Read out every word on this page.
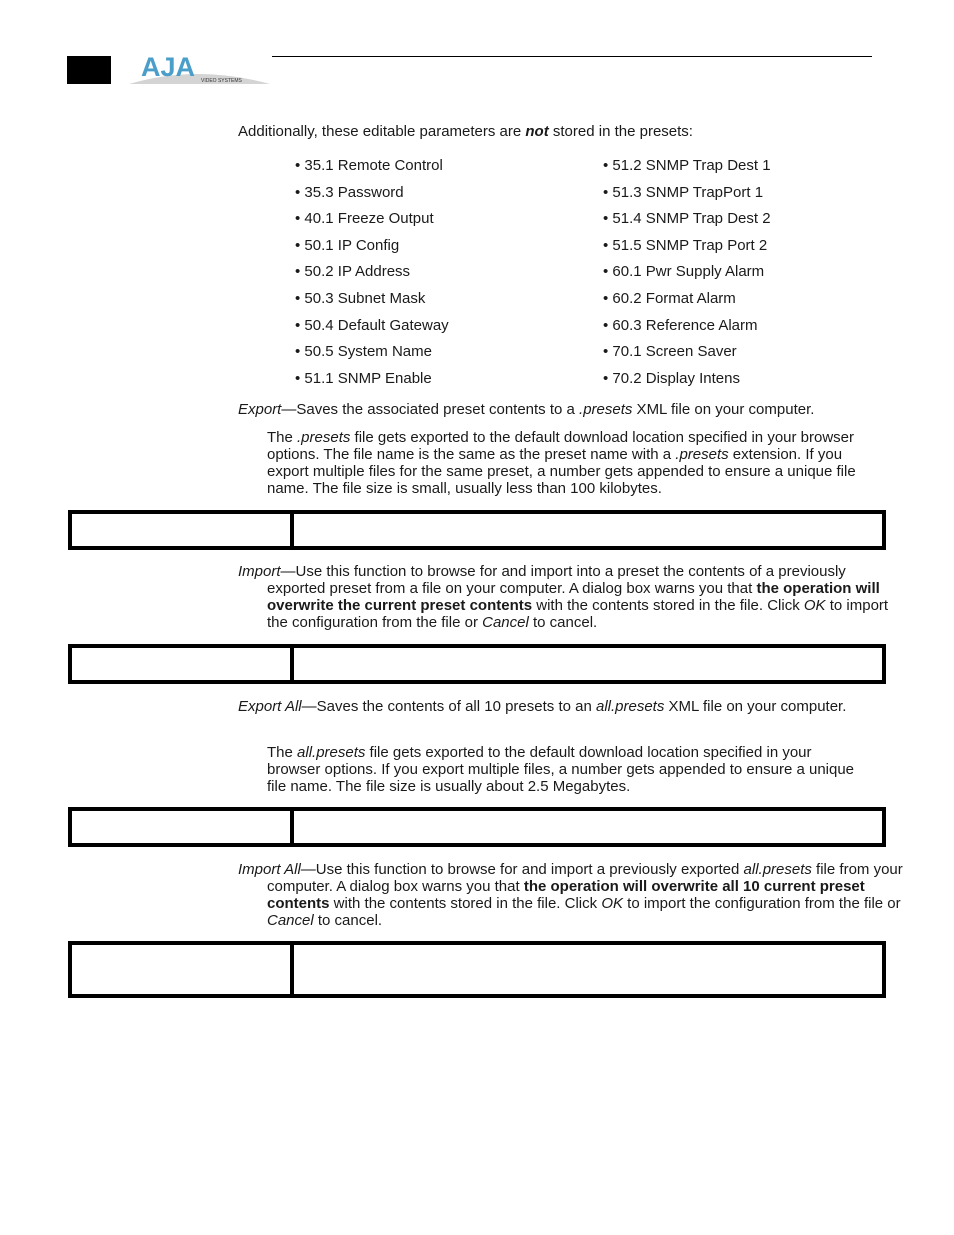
AJA VIDEO SYSTEMS
Additionally, these editable parameters are not stored in the presets:
• 35.1 Remote Control
• 35.3 Password
• 40.1 Freeze Output
• 50.1 IP Config
• 50.2 IP Address
• 50.3 Subnet Mask
• 50.4 Default Gateway
• 50.5 System Name
• 51.1 SNMP Enable
• 51.2 SNMP Trap Dest 1
• 51.3 SNMP TrapPort 1
• 51.4 SNMP Trap Dest 2
• 51.5 SNMP Trap Port 2
• 60.1 Pwr Supply Alarm
• 60.2 Format Alarm
• 60.3 Reference Alarm
• 70.1 Screen Saver
• 70.2 Display Intens
Export—Saves the associated preset contents to a .presets XML file on your computer.
The .presets file gets exported to the default download location specified in your browser options. The file name is the same as the preset name with a .presets extension. If you export multiple files for the same preset, a number gets appended to ensure a unique file name. The file size is small, usually less than 100 kilobytes.
Import—Use this function to browse for and import into a preset the contents of a previously exported preset from a file on your computer. A dialog box warns you that the operation will overwrite the current preset contents with the contents stored in the file. Click OK to import the configuration from the file or Cancel to cancel.
Export All—Saves the contents of all 10 presets to an all.presets XML file on your computer.
The all.presets file gets exported to the default download location specified in your browser options. If you export multiple files, a number gets appended to ensure a unique file name. The file size is usually about 2.5 Megabytes.
Import All—Use this function to browse for and import a previously exported all.presets file from your computer. A dialog box warns you that the operation will overwrite all 10 current preset contents with the contents stored in the file. Click OK to import the configuration from the file or Cancel to cancel.
